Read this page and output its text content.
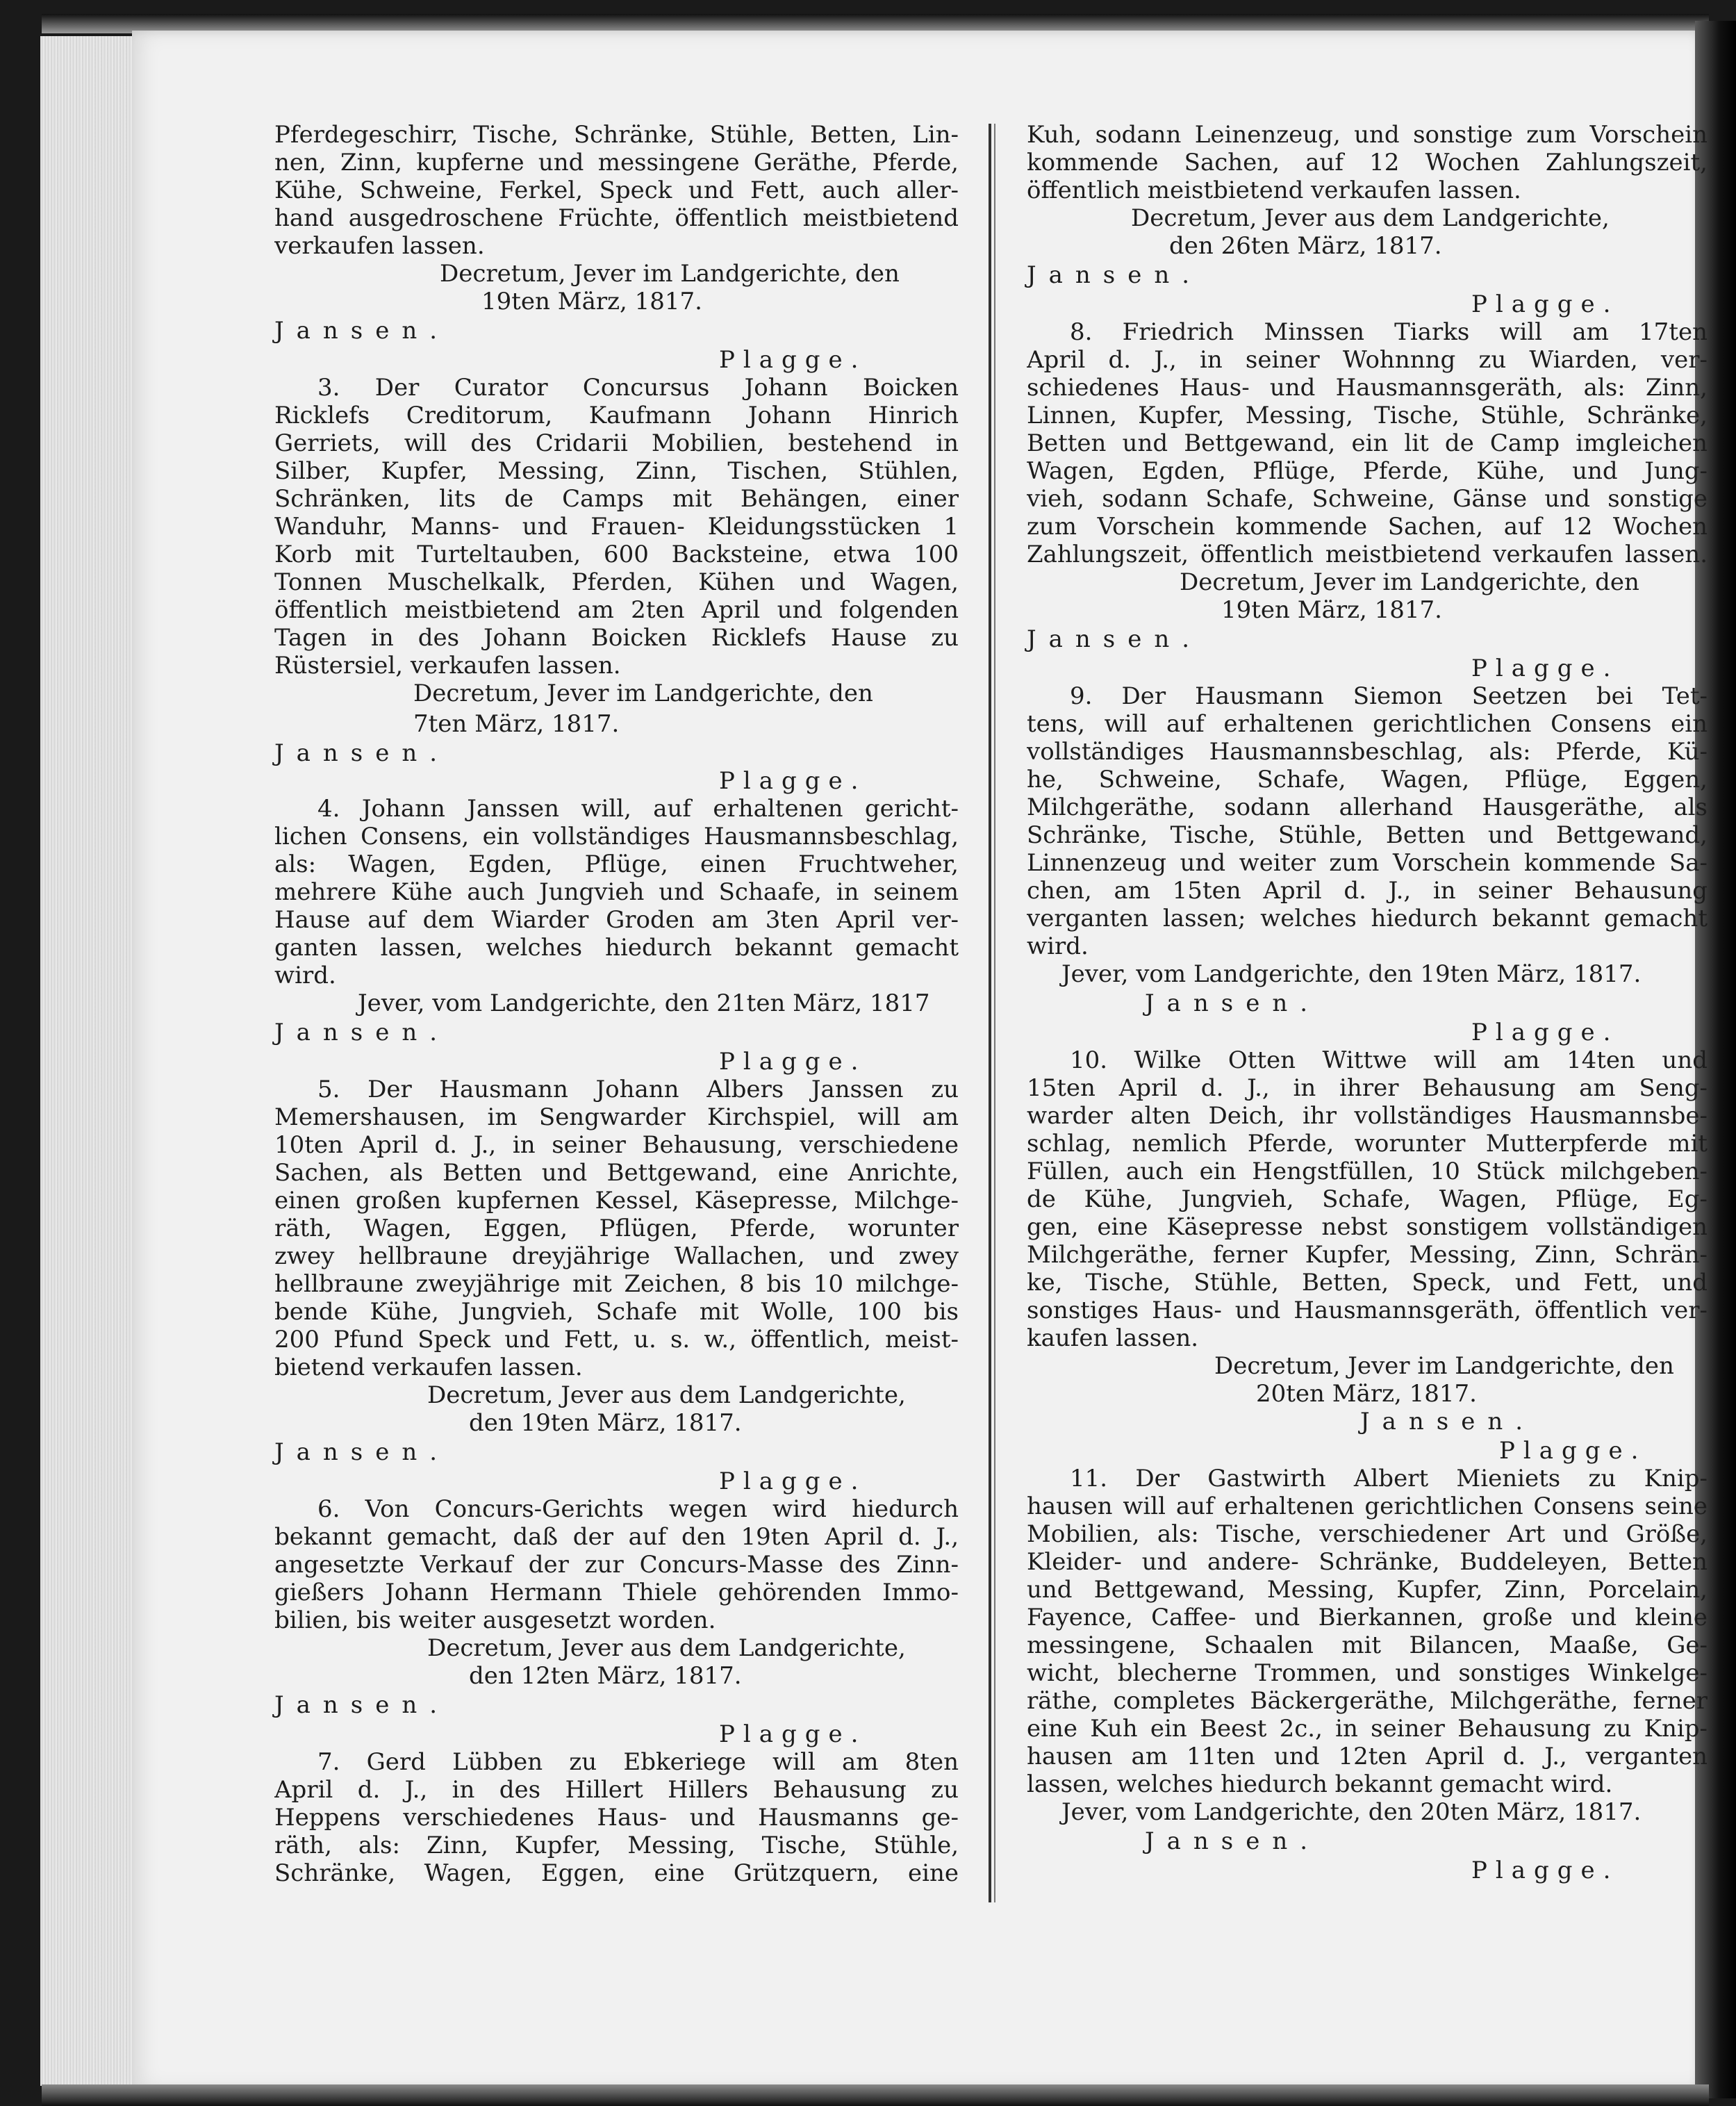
Pferdegeschirr, Tische, Schränke, Stühle, Betten, Lin-
nen, Zinn, kupferne und messingene Geräthe, Pferde,
Kühe, Schweine, Ferkel, Speck und Fett, auch aller-
hand ausgedroschene Früchte, öffentlich meistbietend
verkaufen lassen.
Decretum, Jever im Landgerichte, den
19ten März, 1817.
Jansen.
Plagge.
3. Der Curator Concursus Johann Boicken
Ricklefs Creditorum, Kaufmann Johann Hinrich
Gerriets, will des Cridarii Mobilien, bestehend in
Silber, Kupfer, Messing, Zinn, Tischen, Stühlen,
Schränken, lits de Camps mit Behängen, einer
Wanduhr, Manns- und Frauen- Kleidungsstücken 1
Korb mit Turteltauben, 600 Backsteine, etwa 100
Tonnen Muschelkalk, Pferden, Kühen und Wagen,
öffentlich meistbietend am 2ten April und folgenden
Tagen in des Johann Boicken Ricklefs Hause zu
Rüstersiel, verkaufen lassen.
Decretum, Jever im Landgerichte, den
7ten März, 1817.
Jansen.
Plagge.
4. Johann Janssen will, auf erhaltenen gericht-
lichen Consens, ein vollständiges Hausmannsbeschlag,
als: Wagen, Egden, Pflüge, einen Fruchtweher,
mehrere Kühe auch Jungvieh und Schaafe, in seinem
Hause auf dem Wiarder Groden am 3ten April ver-
ganten lassen, welches hiedurch bekannt gemacht
wird.
Jever, vom Landgerichte, den 21ten März, 1817
Jansen.
Plagge.
5. Der Hausmann Johann Albers Janssen zu
Memershausen, im Sengwarder Kirchspiel, will am
10ten April d. J., in seiner Behausung, verschiedene
Sachen, als Betten und Bettgewand, eine Anrichte,
einen großen kupfernen Kessel, Käsepresse, Milchge-
räth, Wagen, Eggen, Pflügen, Pferde, worunter
zwey hellbraune dreyjährige Wallachen, und zwey
hellbraune zweyjährige mit Zeichen, 8 bis 10 milchge-
bende Kühe, Jungvieh, Schafe mit Wolle, 100 bis
200 Pfund Speck und Fett, u. s. w., öffentlich, meist-
bietend verkaufen lassen.
Decretum, Jever aus dem Landgerichte,
den 19ten März, 1817.
Jansen.
Plagge.
6. Von Concurs-Gerichts wegen wird hiedurch
bekannt gemacht, daß der auf den 19ten April d. J.,
angesetzte Verkauf der zur Concurs-Masse des Zinn-
gießers Johann Hermann Thiele gehörenden Immo-
bilien, bis weiter ausgesetzt worden.
Decretum, Jever aus dem Landgerichte,
den 12ten März, 1817.
Jansen.
Plagge.
7. Gerd Lübben zu Ebkeriege will am 8ten
April d. J., in des Hillert Hillers Behausung zu
Heppens verschiedenes Haus- und Hausmanns ge-
räth, als: Zinn, Kupfer, Messing, Tische, Stühle,
Schränke, Wagen, Eggen, eine Grützquern, eine
Kuh, sodann Leinenzeug, und sonstige zum Vorschein
kommende Sachen, auf 12 Wochen Zahlungszeit,
öffentlich meistbietend verkaufen lassen.
Decretum, Jever aus dem Landgerichte,
den 26ten März, 1817.
Jansen.
Plagge.
8. Friedrich Minssen Tiarks will am 17ten
April d. J., in seiner Wohnnng zu Wiarden, ver-
schiedenes Haus- und Hausmannsgeräth, als: Zinn,
Linnen, Kupfer, Messing, Tische, Stühle, Schränke,
Betten und Bettgewand, ein lit de Camp imgleichen
Wagen, Egden, Pflüge, Pferde, Kühe, und Jung-
vieh, sodann Schafe, Schweine, Gänse und sonstige
zum Vorschein kommende Sachen, auf 12 Wochen
Zahlungszeit, öffentlich meistbietend verkaufen lassen.
Decretum, Jever im Landgerichte, den
19ten März, 1817.
Jansen.
Plagge.
9. Der Hausmann Siemon Seetzen bei Tet-
tens, will auf erhaltenen gerichtlichen Consens ein
vollständiges Hausmannsbeschlag, als: Pferde, Kü-
he, Schweine, Schafe, Wagen, Pflüge, Eggen,
Milchgeräthe, sodann allerhand Hausgeräthe, als
Schränke, Tische, Stühle, Betten und Bettgewand,
Linnenzeug und weiter zum Vorschein kommende Sa-
chen, am 15ten April d. J., in seiner Behausung
verganten lassen; welches hiedurch bekannt gemacht
wird.
Jever, vom Landgerichte, den 19ten März, 1817.
Jansen.
Plagge.
10. Wilke Otten Wittwe will am 14ten und
15ten April d. J., in ihrer Behausung am Seng-
warder alten Deich, ihr vollständiges Hausmannsbe-
schlag, nemlich Pferde, worunter Mutterpferde mit
Füllen, auch ein Hengstfüllen, 10 Stück milchgeben-
de Kühe, Jungvieh, Schafe, Wagen, Pflüge, Eg-
gen, eine Käsepresse nebst sonstigem vollständigen
Milchgeräthe, ferner Kupfer, Messing, Zinn, Schrän-
ke, Tische, Stühle, Betten, Speck, und Fett, und
sonstiges Haus- und Hausmannsgeräth, öffentlich ver-
kaufen lassen.
Decretum, Jever im Landgerichte, den
20ten März, 1817.
Jansen.
Plagge.
11. Der Gastwirth Albert Mieniets zu Knip-
hausen will auf erhaltenen gerichtlichen Consens seine
Mobilien, als: Tische, verschiedener Art und Größe,
Kleider- und andere- Schränke, Buddeleyen, Betten
und Bettgewand, Messing, Kupfer, Zinn, Porcelain,
Fayence, Caffee- und Bierkannen, große und kleine
messingene, Schaalen mit Bilancen, Maaße, Ge-
wicht, blecherne Trommen, und sonstiges Winkelge-
räthe, completes Bäckergeräthe, Milchgeräthe, ferner
eine Kuh ein Beest 2c., in seiner Behausung zu Knip-
hausen am 11ten und 12ten April d. J., verganten
lassen, welches hiedurch bekannt gemacht wird.
Jever, vom Landgerichte, den 20ten März, 1817.
Jansen.
Plagge.
